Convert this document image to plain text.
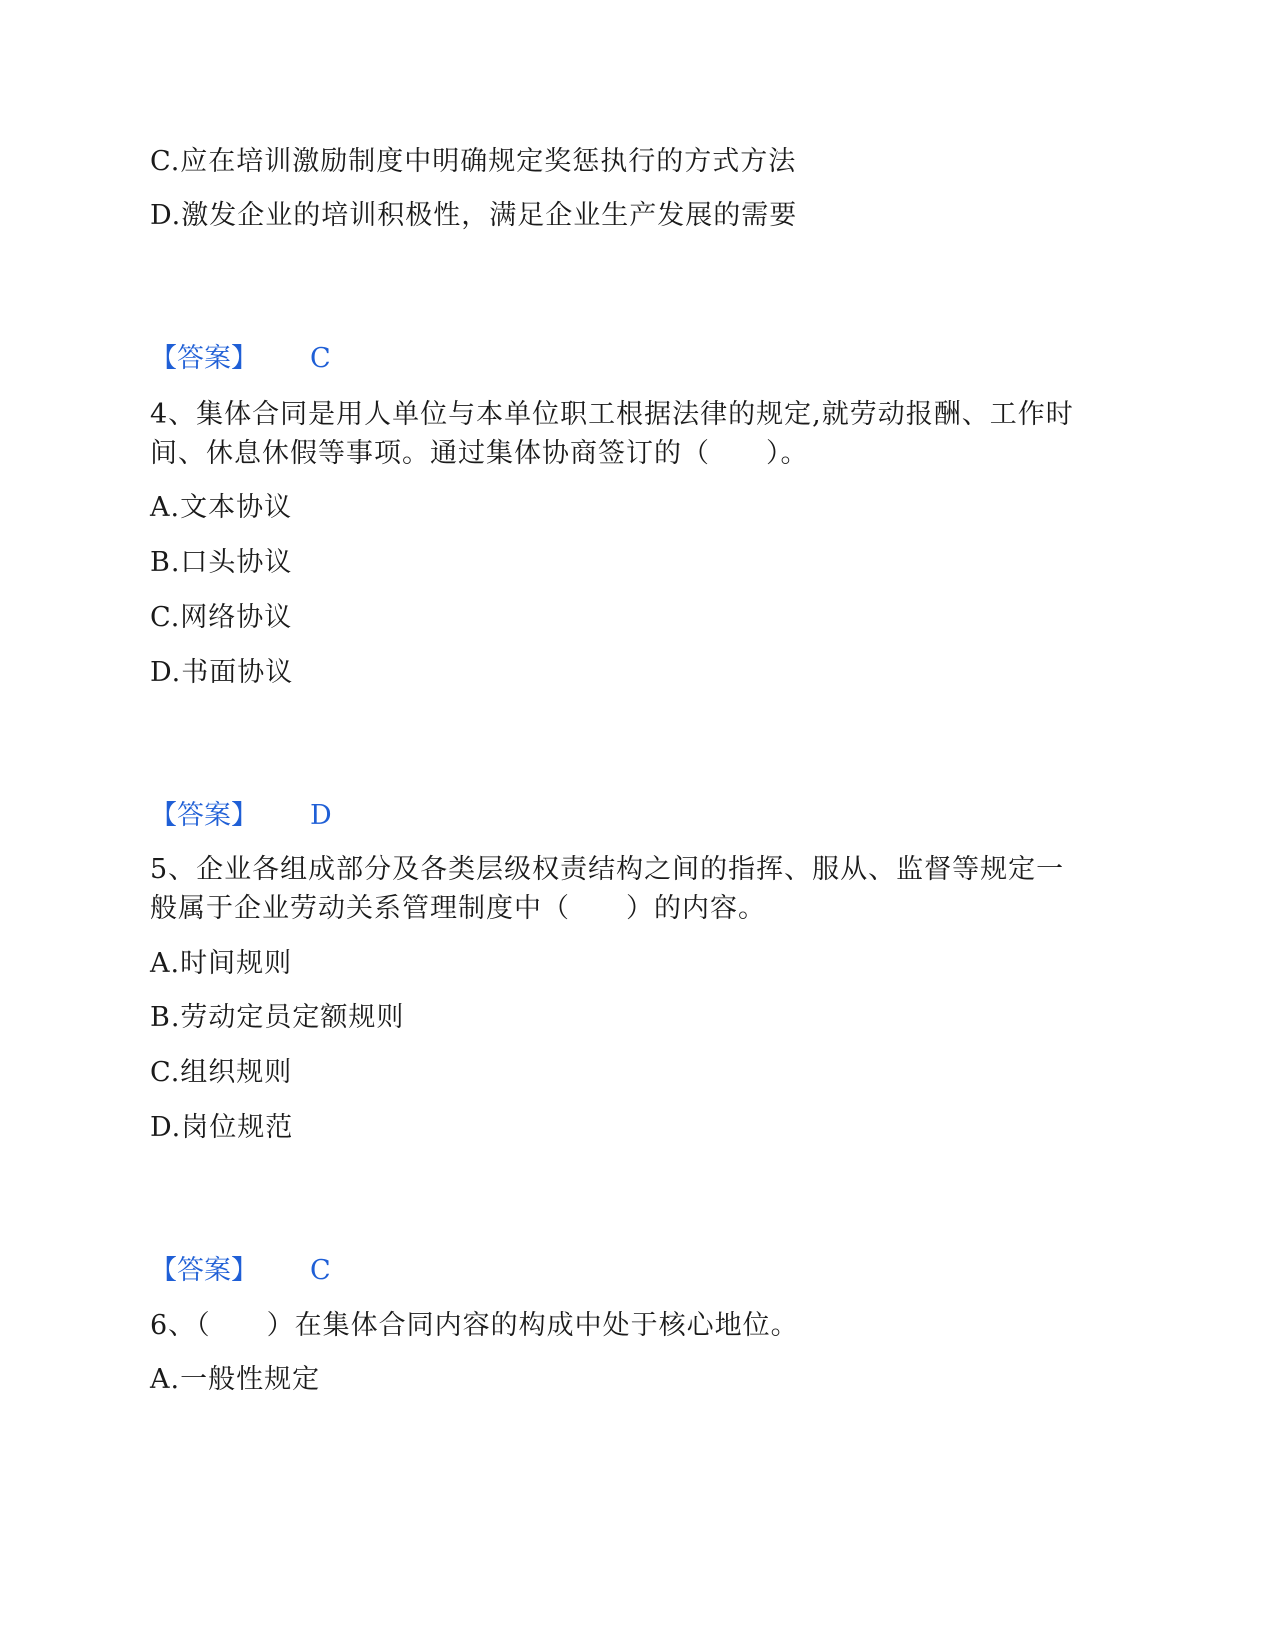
C.应在培训激励制度中明确规定奖惩执行的方式方法
D.激发企业的培训积极性，满足企业生产发展的需要
【答案】 C
4、集体合同是用人单位与本单位职工根据法律的规定,就劳动报酬、工作时
间、休息休假等事项。通过集体协商签订的（　　）。
A.文本协议
B.口头协议
C.网络协议
D.书面协议
【答案】 D
5、企业各组成部分及各类层级权责结构之间的指挥、服从、监督等规定一
般属于企业劳动关系管理制度中（　　）的内容。
A.时间规则
B.劳动定员定额规则
C.组织规则
D.岗位规范
【答案】 C
6、（　　）在集体合同内容的构成中处于核心地位。
A.一般性规定
